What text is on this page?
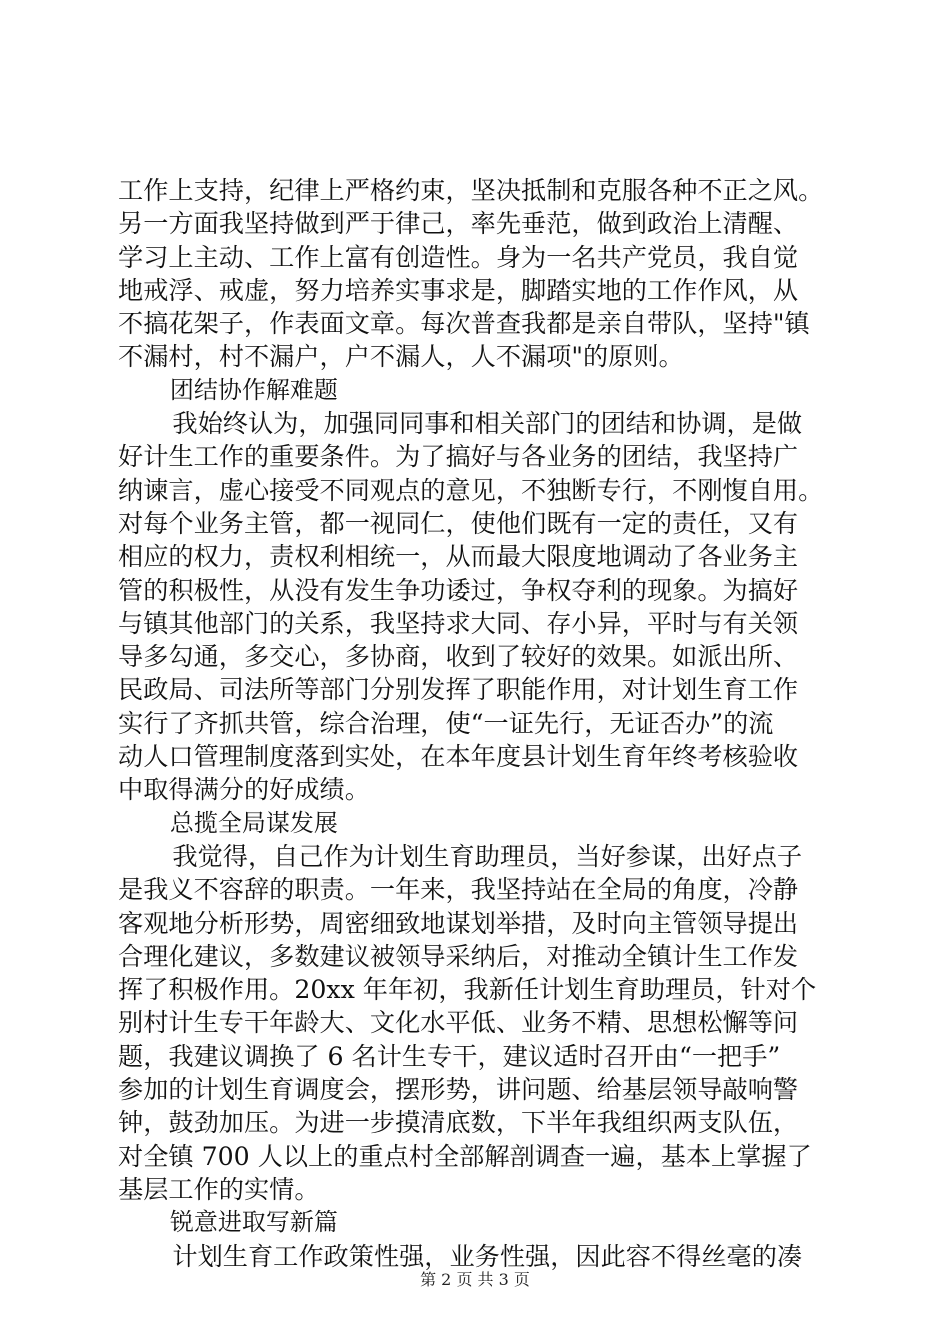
工作上支持，纪律上严格约束，坚决抵制和克服各种不正之风。
另一方面我坚持做到严于律己，率先垂范，做到政治上清醒、
学习上主动、工作上富有创造性。身为一名共产党员，我自觉
地戒浮、戒虚，努力培养实事求是，脚踏实地的工作作风，从
不搞花架子，作表面文章。每次普查我都是亲自带队，坚持"镇
不漏村，村不漏户，户不漏人，人不漏项"的原则。
团结协作解难题
我始终认为，加强同同事和相关部门的团结和协调，是做
好计生工作的重要条件。为了搞好与各业务的团结，我坚持广
纳谏言，虚心接受不同观点的意见，不独断专行，不刚愎自用。
对每个业务主管，都一视同仁，使他们既有一定的责任，又有
相应的权力，责权利相统一，从而最大限度地调动了各业务主
管的积极性，从没有发生争功诿过，争权夺利的现象。为搞好
与镇其他部门的关系，我坚持求大同、存小异，平时与有关领
导多勾通，多交心，多协商，收到了较好的效果。如派出所、
民政局、司法所等部门分别发挥了职能作用，对计划生育工作
实行了齐抓共管，综合治理，使“一证先行，无证否办”的流
动人口管理制度落到实处，在本年度县计划生育年终考核验收
中取得满分的好成绩。
总揽全局谋发展
我觉得，自己作为计划生育助理员，当好参谋，出好点子
是我义不容辞的职责。一年来，我坚持站在全局的角度，冷静
客观地分析形势，周密细致地谋划举措，及时向主管领导提出
合理化建议，多数建议被领导采纳后，对推动全镇计生工作发
挥了积极作用。20xx 年年初，我新任计划生育助理员，针对个
别村计生专干年龄大、文化水平低、业务不精、思想松懈等问
题，我建议调换了 6 名计生专干，建议适时召开由“一把手”
参加的计划生育调度会，摆形势，讲问题、给基层领导敲响警
钟，鼓劲加压。为进一步摸清底数，下半年我组织两支队伍，
对全镇 700 人以上的重点村全部解剖调查一遍，基本上掌握了
基层工作的实情。
锐意进取写新篇
计划生育工作政策性强，业务性强，因此容不得丝毫的凑
第 2 页 共 3 页
